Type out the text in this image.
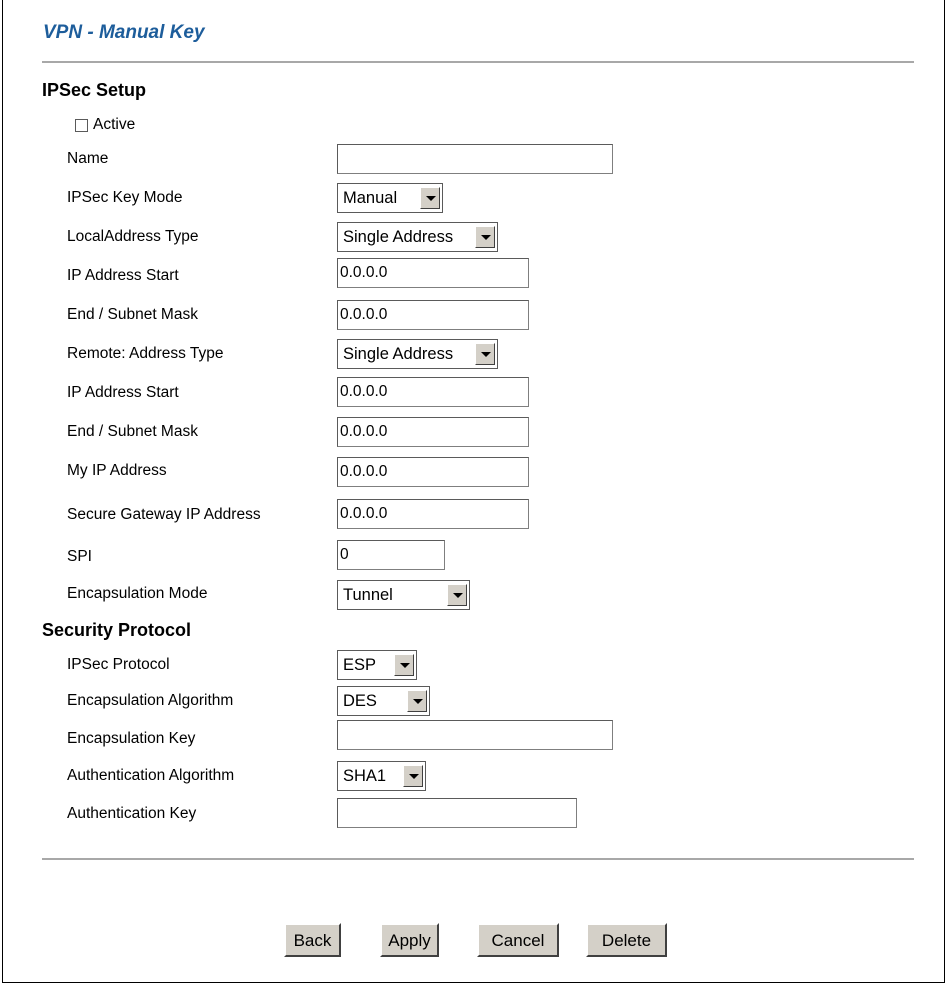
VPN - Manual Key
IPSec Setup
Active
Name
IPSec Key Mode	Manual
LocalAddress Type	Single Address
IP Address Start	0.0.0.0
End / Subnet Mask	0.0.0.0
Remote: Address Type	Single Address
IP Address Start	0.0.0.0
End / Subnet Mask	0.0.0.0
My IP Address	0.0.0.0
Secure Gateway IP Address	0.0.0.0
SPI	0
Encapsulation Mode	Tunnel
Security Protocol
IPSec Protocol	ESP
Encapsulation Algorithm	DES
Encapsulation Key
Authentication Algorithm	SHA1
Authentication Key
Back	Apply	Cancel	Delete
